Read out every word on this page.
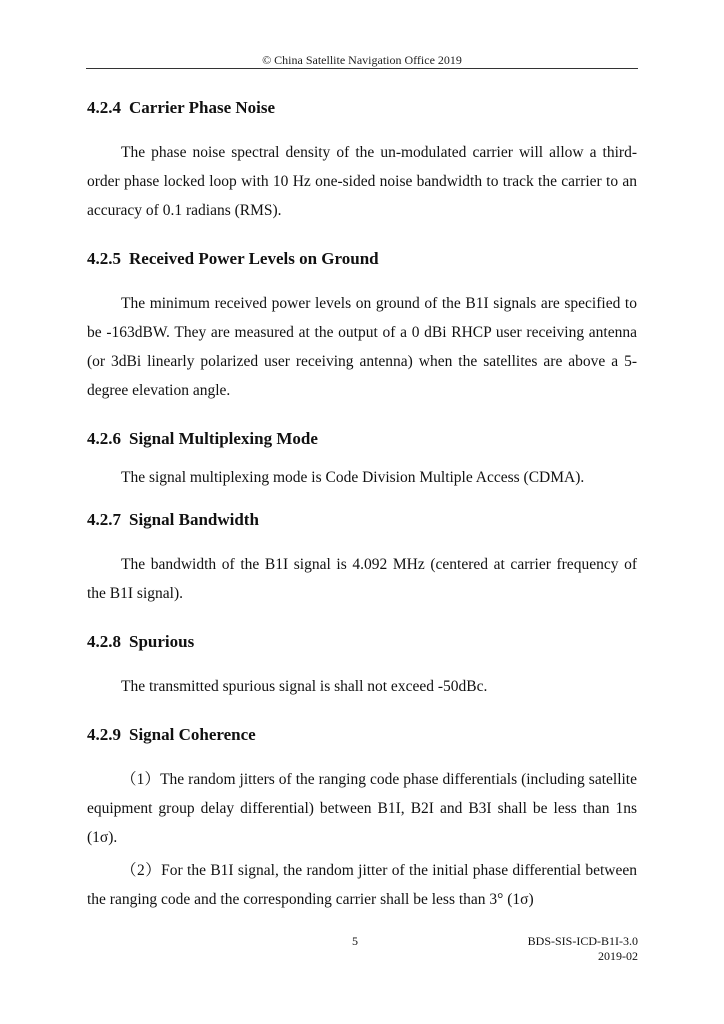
© China Satellite Navigation Office 2019
4.2.4 Carrier Phase Noise

The phase noise spectral density of the un-modulated carrier will allow a third-order phase locked loop with 10 Hz one-sided noise bandwidth to track the carrier to an accuracy of 0.1 radians (RMS).

4.2.5 Received Power Levels on Ground

The minimum received power levels on ground of the B1I signals are specified to be -163dBW. They are measured at the output of a 0 dBi RHCP user receiving antenna (or 3dBi linearly polarized user receiving antenna) when the satellites are above a 5-degree elevation angle.

4.2.6 Signal Multiplexing Mode

The signal multiplexing mode is Code Division Multiple Access (CDMA).

4.2.7 Signal Bandwidth

The bandwidth of the B1I signal is 4.092 MHz (centered at carrier frequency of the B1I signal).

4.2.8 Spurious

The transmitted spurious signal is shall not exceed -50dBc.

4.2.9 Signal Coherence

（1）The random jitters of the ranging code phase differentials (including satellite equipment group delay differential) between B1I, B2I and B3I shall be less than 1ns (1σ).

（2）For the B1I signal, the random jitter of the initial phase differential between the ranging code and the corresponding carrier shall be less than 3° (1σ)

5	BDS-SIS-ICD-B1I-3.0
2019-02
